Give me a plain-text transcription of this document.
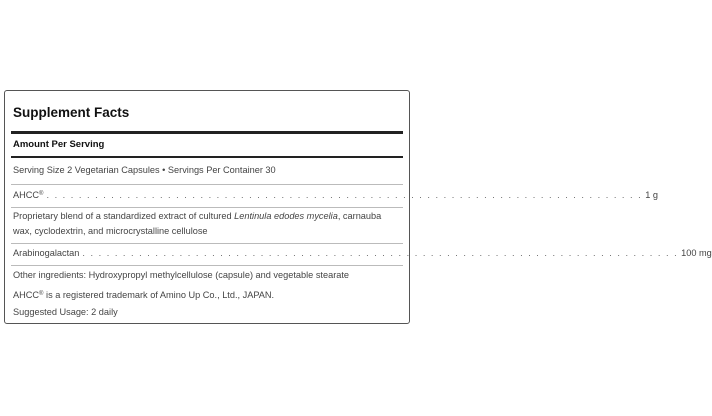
Supplement Facts
Amount Per Serving
Serving Size 2 Vegetarian Capsules • Servings Per Container 30
AHCC® . . . . . . . . . . . . . . . . . . . . . . . . . . . . . . . . . . . . . . . . . . . . . . . . . . . . . . . . . . . . . . . . . . . . . . . . . . 1 g
Proprietary blend of a standardized extract of cultured Lentinula edodes mycelia, carnauba wax, cyclodextrin, and microcrystalline cellulose
Arabinogalactan . . . . . . . . . . . . . . . . . . . . . . . . . . . . . . . . . . . . . . . . . . . . . . . . . . . . . . . . . . . . . . . . . . . . . . . . . . 100 mg
Other ingredients: Hydroxypropyl methylcellulose (capsule) and vegetable stearate
AHCC® is a registered trademark of Amino Up Co., Ltd., JAPAN.
Suggested Usage: 2 daily
